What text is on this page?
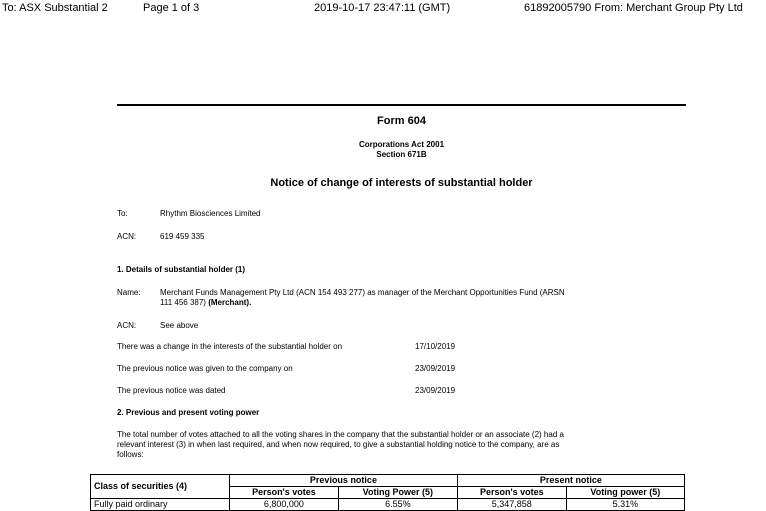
To: ASX Substantial 2	Page 1 of 3	2019-10-17 23:47:11 (GMT)	61892005790 From: Merchant Group Pty Ltd
Form 604
Corporations Act 2001
Section 671B
Notice of change of interests of substantial holder
To:	Rhythm Biosciences Limited
ACN:	619 459 335
1. Details of substantial holder (1)
Name: Merchant Funds Management Pty Ltd (ACN 154 493 277) as manager of the Merchant Opportunities Fund (ARSN
111 456 387) (Merchant).
ACN:	See above
There was a change in the interests of the substantial holder on	17/10/2019
The previous notice was given to the company on	23/09/2019
The previous notice was dated	23/09/2019
2. Previous and present voting power
The total number of votes attached to all the voting shares in the company that the substantial holder or an associate (2) had a
relevant interest (3) in when last required, and when now required, to give a substantial holding notice to the company, are as
follows:
Class of securities (4)	Previous notice		Present notice	
	Person's votes	Voting Power (5)	Person's votes	Voting power (5)
Fully paid ordinary	6,800,000	6.55%	5,347,858	5.31%
